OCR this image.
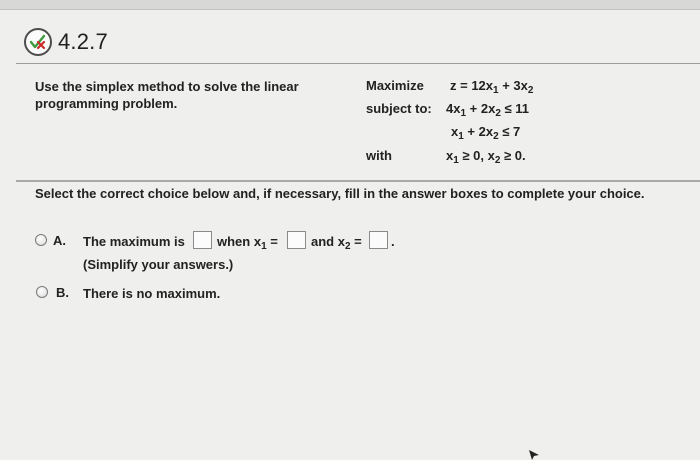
4.2.7
Use the simplex method to solve the linear programming problem.
Maximize $z = 12x_1 + 3x_2$
subject to: $4x_1 + 2x_2 \le 11$
$x_1 + 2x_2 \le 7$
with	$x_1 \ge 0$, $x_2 \ge 0$.
Select the correct choice below and, if necessary, fill in the answer boxes to complete your choice.
A. The maximum is when $x_1$ =	and $x_2$ = .
(Simplify your answers.)
B. There is no maximum.
